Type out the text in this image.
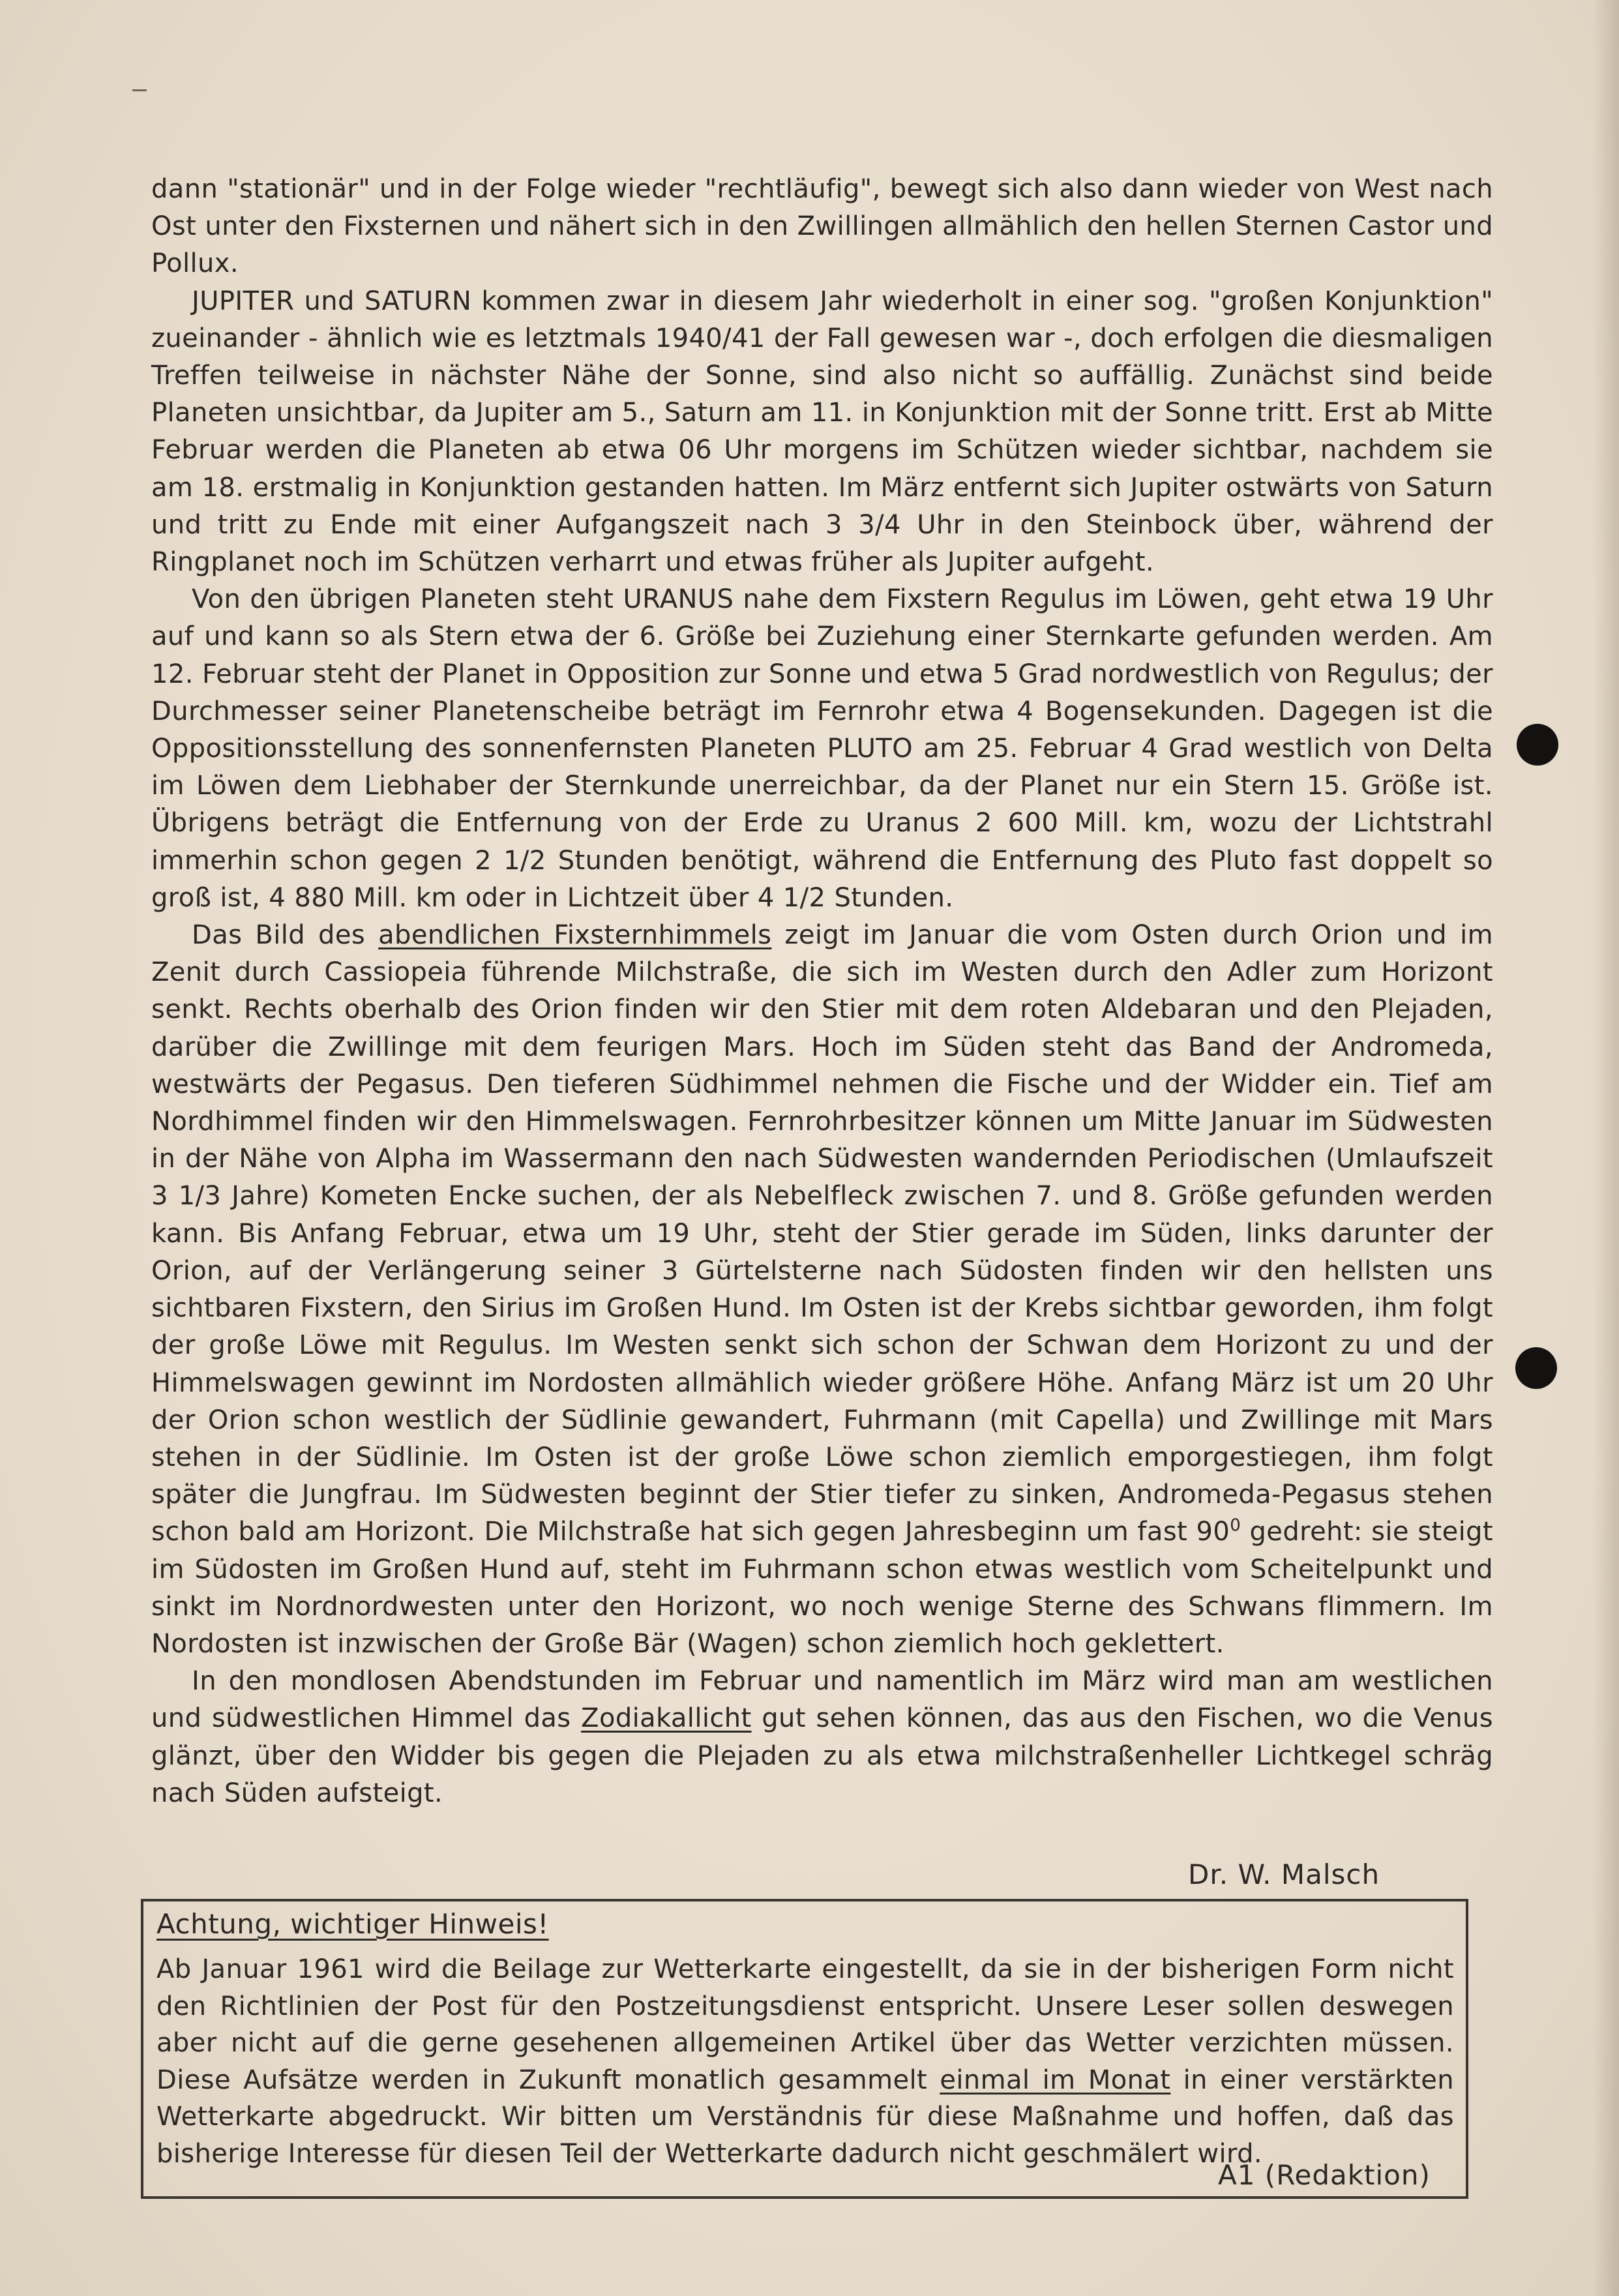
dann "stationär" und in der Folge wieder "rechtläufig", bewegt sich also dann wieder von West nach Ost unter den Fixsternen und nähert sich in den Zwillingen allmählich den hellen Sternen Castor und Pollux.

JUPITER und SATURN kommen zwar in diesem Jahr wiederholt in einer sog. "großen Konjunktion" zueinander - ähnlich wie es letztmals 1940/41 der Fall gewesen war -, doch erfolgen die diesmaligen Treffen teilweise in nächster Nähe der Sonne, sind also nicht so auffällig. Zunächst sind beide Planeten unsichtbar, da Jupiter am 5., Saturn am 11. in Konjunktion mit der Sonne tritt. Erst ab Mitte Februar werden die Planeten ab etwa 06 Uhr morgens im Schützen wieder sichtbar, nachdem sie am 18. erstmalig in Konjunktion gestanden hatten. Im März entfernt sich Jupiter ostwärts von Saturn und tritt zu Ende mit einer Aufgangszeit nach 3 3/4 Uhr in den Steinbock über, während der Ringplanet noch im Schützen verharrt und etwas früher als Jupiter aufgeht.

Von den übrigen Planeten steht URANUS nahe dem Fixstern Regulus im Löwen, geht etwa 19 Uhr auf und kann so als Stern etwa der 6. Größe bei Zuziehung einer Sternkarte gefunden werden. Am 12. Februar steht der Planet in Opposition zur Sonne und etwa 5 Grad nordwestlich von Regulus; der Durchmesser seiner Planetenscheibe beträgt im Fernrohr etwa 4 Bogensekunden. Dagegen ist die Oppositionsstellung des sonnenfernsten Planeten PLUTO am 25. Februar 4 Grad westlich von Delta im Löwen dem Liebhaber der Sternkunde unerreichbar, da der Planet nur ein Stern 15. Größe ist. Übrigens beträgt die Entfernung von der Erde zu Uranus 2 600 Mill. km, wozu der Lichtstrahl immerhin schon gegen 2 1/2 Stunden benötigt, während die Entfernung des Pluto fast doppelt so groß ist, 4 880 Mill. km oder in Lichtzeit über 4 1/2 Stunden.

Das Bild des abendlichen Fixsternhimmels zeigt im Januar die vom Osten durch Orion und im Zenit durch Cassiopeia führende Milchstraße, die sich im Westen durch den Adler zum Horizont senkt. Rechts oberhalb des Orion finden wir den Stier mit dem roten Aldebaran und den Plejaden, darüber die Zwillinge mit dem feurigen Mars. Hoch im Süden steht das Band der Andromeda, westwärts der Pegasus. Den tieferen Südhimmel nehmen die Fische und der Widder ein. Tief am Nordhimmel finden wir den Himmelswagen. Fernrohrbesitzer können um Mitte Januar im Südwesten in der Nähe von Alpha im Wassermann den nach Südwesten wandernden Periodischen (Umlaufszeit 3 1/3 Jahre) Kometen Encke suchen, der als Nebelfleck zwischen 7. und 8. Größe gefunden werden kann. Bis Anfang Februar, etwa um 19 Uhr, steht der Stier gerade im Süden, links darunter der Orion, auf der Verlängerung seiner 3 Gürtelsterne nach Südosten finden wir den hellsten uns sichtbaren Fixstern, den Sirius im Großen Hund. Im Osten ist der Krebs sichtbar geworden, ihm folgt der große Löwe mit Regulus. Im Westen senkt sich schon der Schwan dem Horizont zu und der Himmelswagen gewinnt im Nordosten allmählich wieder größere Höhe. Anfang März ist um 20 Uhr der Orion schon westlich der Südlinie gewandert, Fuhrmann (mit Capella) und Zwillinge mit Mars stehen in der Südlinie. Im Osten ist der große Löwe schon ziemlich emporgestiegen, ihm folgt später die Jungfrau. Im Südwesten beginnt der Stier tiefer zu sinken, Andromeda-Pegasus stehen schon bald am Horizont. Die Milchstraße hat sich gegen Jahresbeginn um fast $90^0$ gedreht: sie steigt im Südosten im Großen Hund auf, steht im Fuhrmann schon etwas westlich vom Scheitelpunkt und sinkt im Nordnordwesten unter den Horizont, wo noch wenige Sterne des Schwans flimmern. Im Nordosten ist inzwischen der Große Bär (Wagen) schon ziemlich hoch geklettert.

In den mondlosen Abendstunden im Februar und namentlich im März wird man am westlichen und südwestlichen Himmel das Zodiakallicht gut sehen können, das aus den Fischen, wo die Venus glänzt, über den Widder bis gegen die Plejaden zu als etwa milchstraßenheller Lichtkegel schräg nach Süden aufsteigt.

Dr. W. Malsch
Achtung, wichtiger Hinweis!
Ab Januar 1961 wird die Beilage zur Wetterkarte eingestellt, da sie in der bisherigen Form nicht den Richtlinien der Post für den Postzeitungsdienst entspricht. Unsere Leser sollen deswegen aber nicht auf die gerne gesehenen allgemeinen Artikel über das Wetter verzichten müssen. Diese Aufsätze werden in Zukunft monatlich gesammelt einmal im Monat in einer verstärkten Wetterkarte abgedruckt. Wir bitten um Verständnis für diese Maßnahme und hoffen, daß das bisherige Interesse für diesen Teil der Wetterkarte dadurch nicht geschmälert wird.
A1 (Redaktion)
